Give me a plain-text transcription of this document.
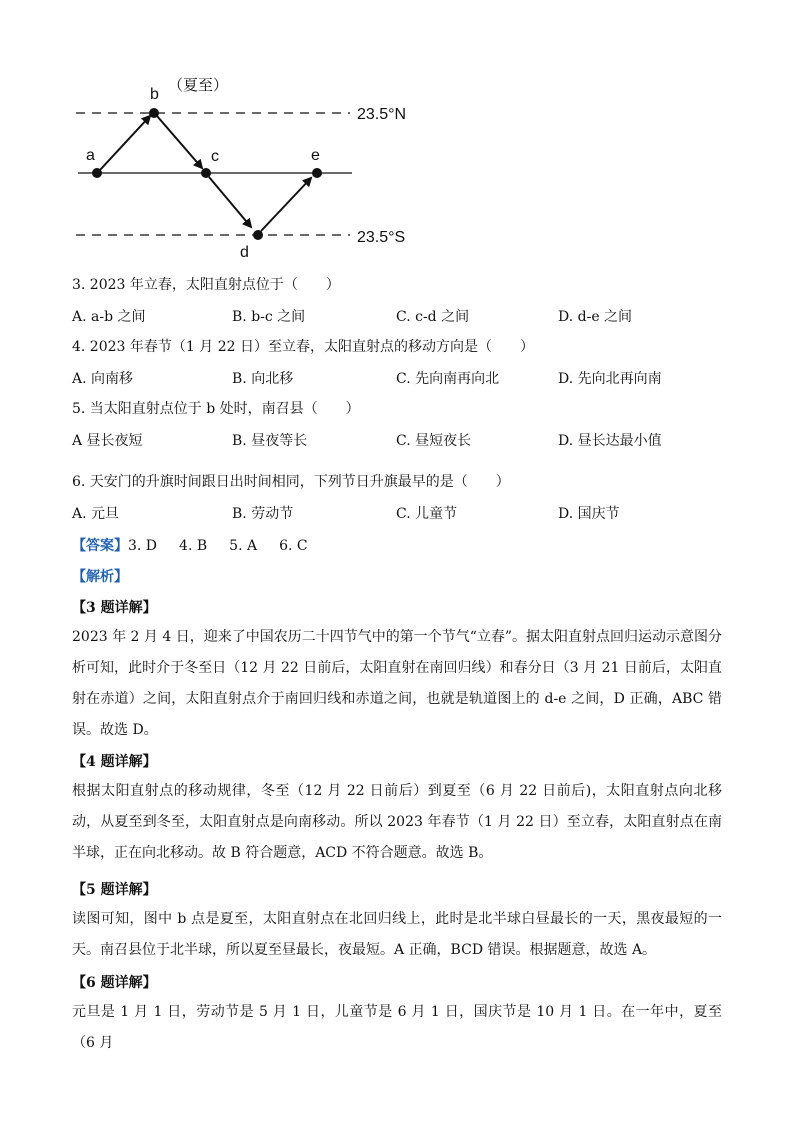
a
b
（夏至）
c
d
e
23.5°N
23.5°S
3. 2023 年立春，太阳直射点位于（　　）
A. a-b 之间	B. b-c 之间	C. c-d 之间	D. d-e 之间
4. 2023 年春节（1 月 22 日）至立春，太阳直射点的移动方向是（　　）
A. 向南移	B. 向北移	C. 先向南再向北	D. 先向北再向南
5. 当太阳直射点位于 b 处时，南召县（　　）
A 昼长夜短	B. 昼夜等长	C. 昼短夜长	D. 昼长达最小值
6. 天安门的升旗时间跟日出时间相同，下列节日升旗最早的是（　　）
A. 元旦	B. 劳动节	C. 儿童节	D. 国庆节
【答案】3. D 4. B 5. A 6. C
【解析】
【3 题详解】

2023 年 2 月 4 日，迎来了中国农历二十四节气中的第一个节气“立春”。据太阳直射点回归运动示意图分析可知，此时介于冬至日（12 月 22 日前后，太阳直射在南回归线）和春分日（3 月 21 日前后，太阳直射在赤道）之间，太阳直射点介于南回归线和赤道之间，也就是轨道图上的 d-e 之间，D 正确，ABC 错误。故选 D。

【4 题详解】

根据太阳直射点的移动规律，冬至（12 月 22 日前后）到夏至（6 月 22 日前后)，太阳直射点向北移动，从夏至到冬至，太阳直射点是向南移动。所以 2023 年春节（1 月 22 日）至立春，太阳直射点在南半球，正在向北移动。故 B 符合题意，ACD 不符合题意。故选 B。

【5 题详解】

读图可知，图中 b 点是夏至，太阳直射点在北回归线上，此时是北半球白昼最长的一天，黑夜最短的一天。南召县位于北半球，所以夏至昼最长，夜最短。A 正确，BCD 错误。根据题意，故选 A。

【6 题详解】

元旦是 1 月 1 日，劳动节是 5 月 1 日，儿童节是 6 月 1 日，国庆节是 10 月 1 日。在一年中，夏至（6 月
